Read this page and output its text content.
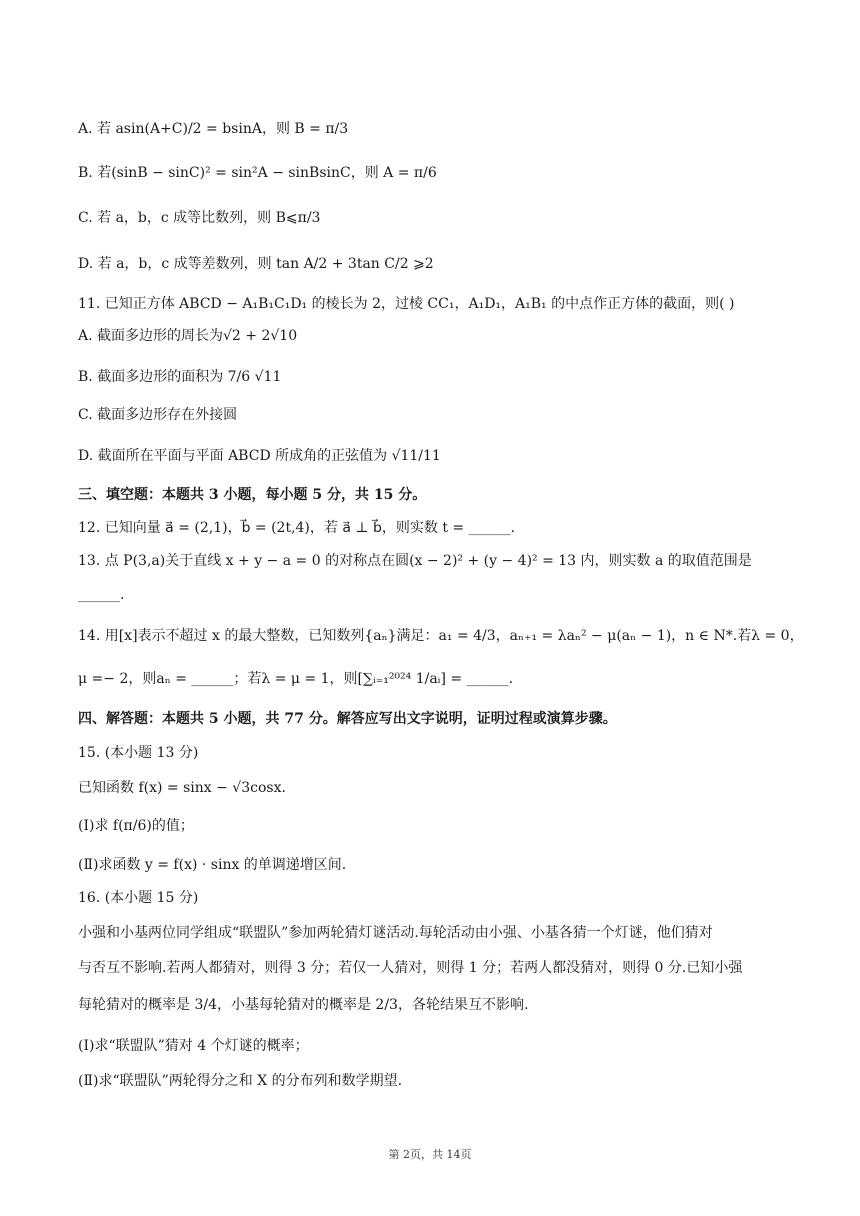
A. 若 asin(A+C)/2 = bsinA，则 B = π/3
B. 若(sinB − sinC)² = sin²A − sinBsinC，则 A = π/6
C. 若 a，b，c 成等比数列，则 B⩽π/3
D. 若 a，b，c 成等差数列，则 tan A/2 + 3tan C/2 ⩾2
11. 已知正方体 ABCD − A₁B₁C₁D₁ 的棱长为 2，过棱 CC₁，A₁D₁，A₁B₁ 的中点作正方体的截面，则( )
A. 截面多边形的周长为√2 + 2√10
B. 截面多边形的面积为 7/6 √11
C. 截面多边形存在外接圆
D. 截面所在平面与平面 ABCD 所成角的正弦值为 √11/11
三、填空题：本题共 3 小题，每小题 5 分，共 15 分。
12. 已知向量 a⃗ = (2,1)，b⃗ = (2t,4)，若 a⃗ ⊥ b⃗，则实数 t = ______.
13. 点 P(3,a)关于直线 x + y − a = 0 的对称点在圆(x − 2)² + (y − 4)² = 13 内，则实数 a 的取值范围是
______.
14. 用[x]表示不超过 x 的最大整数，已知数列{aₙ}满足：a₁ = 4/3，aₙ₊₁ = λaₙ² − μ(aₙ − 1)，n ∈ N*.若λ = 0，
μ =− 2，则aₙ = ______；若λ = μ = 1，则[∑ᵢ₌₁²⁰²⁴ 1/aᵢ] = ______.
四、解答题：本题共 5 小题，共 77 分。解答应写出文字说明，证明过程或演算步骤。
15. (本小题 13 分)
已知函数 f(x) = sinx − √3cosx.
(Ⅰ)求 f(π/6)的值；
(Ⅱ)求函数 y = f(x) · sinx 的单调递增区间.
16. (本小题 15 分)
小强和小基两位同学组成“联盟队”参加两轮猜灯谜活动.每轮活动由小强、小基各猜一个灯谜，他们猜对
与否互不影响.若两人都猜对，则得 3 分；若仅一人猜对，则得 1 分；若两人都没猜对，则得 0 分.已知小强
每轮猜对的概率是 3/4，小基每轮猜对的概率是 2/3，各轮结果互不影响.
(Ⅰ)求“联盟队”猜对 4 个灯谜的概率；
(Ⅱ)求“联盟队”两轮得分之和 X 的分布列和数学期望.
第 2页，共 14页
